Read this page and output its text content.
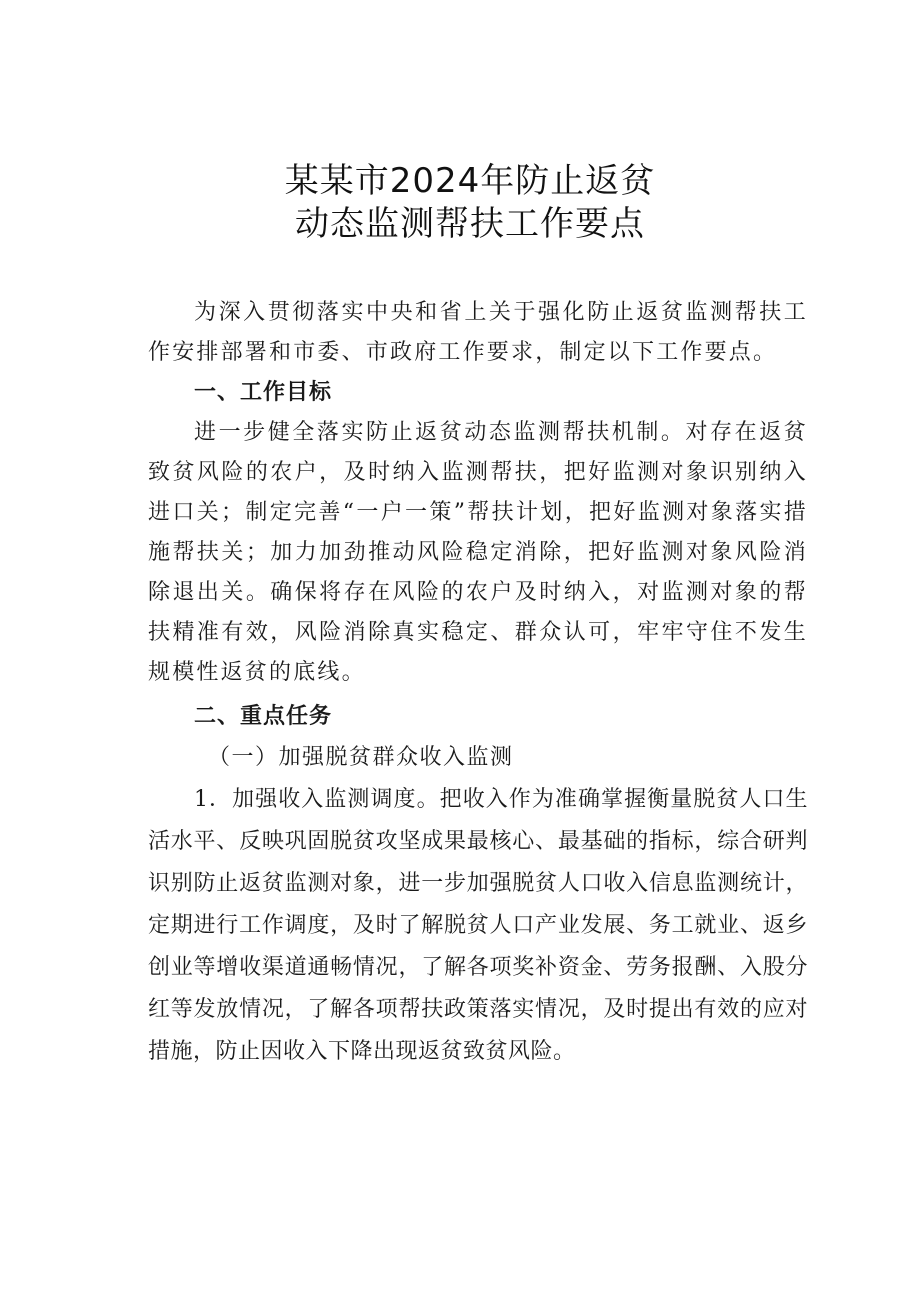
某某市2024年防止返贫
动态监测帮扶工作要点

为深入贯彻落实中央和省上关于强化防止返贫监测帮扶工作安排部署和市委、市政府工作要求，制定以下工作要点。

一、工作目标

进一步健全落实防止返贫动态监测帮扶机制。对存在返贫致贫风险的农户，及时纳入监测帮扶，把好监测对象识别纳入进口关；制定完善“一户一策”帮扶计划，把好监测对象落实措施帮扶关；加力加劲推动风险稳定消除，把好监测对象风险消除退出关。确保将存在风险的农户及时纳入，对监测对象的帮扶精准有效，风险消除真实稳定、群众认可，牢牢守住不发生规模性返贫的底线。

二、重点任务

（一）加强脱贫群众收入监测

1．加强收入监测调度。把收入作为准确掌握衡量脱贫人口生活水平、反映巩固脱贫攻坚成果最核心、最基础的指标，综合研判识别防止返贫监测对象，进一步加强脱贫人口收入信息监测统计，定期进行工作调度，及时了解脱贫人口产业发展、务工就业、返乡创业等增收渠道通畅情况，了解各项奖补资金、劳务报酬、入股分红等发放情况，了解各项帮扶政策落实情况，及时提出有效的应对措施，防止因收入下降出现返贫致贫风险。
